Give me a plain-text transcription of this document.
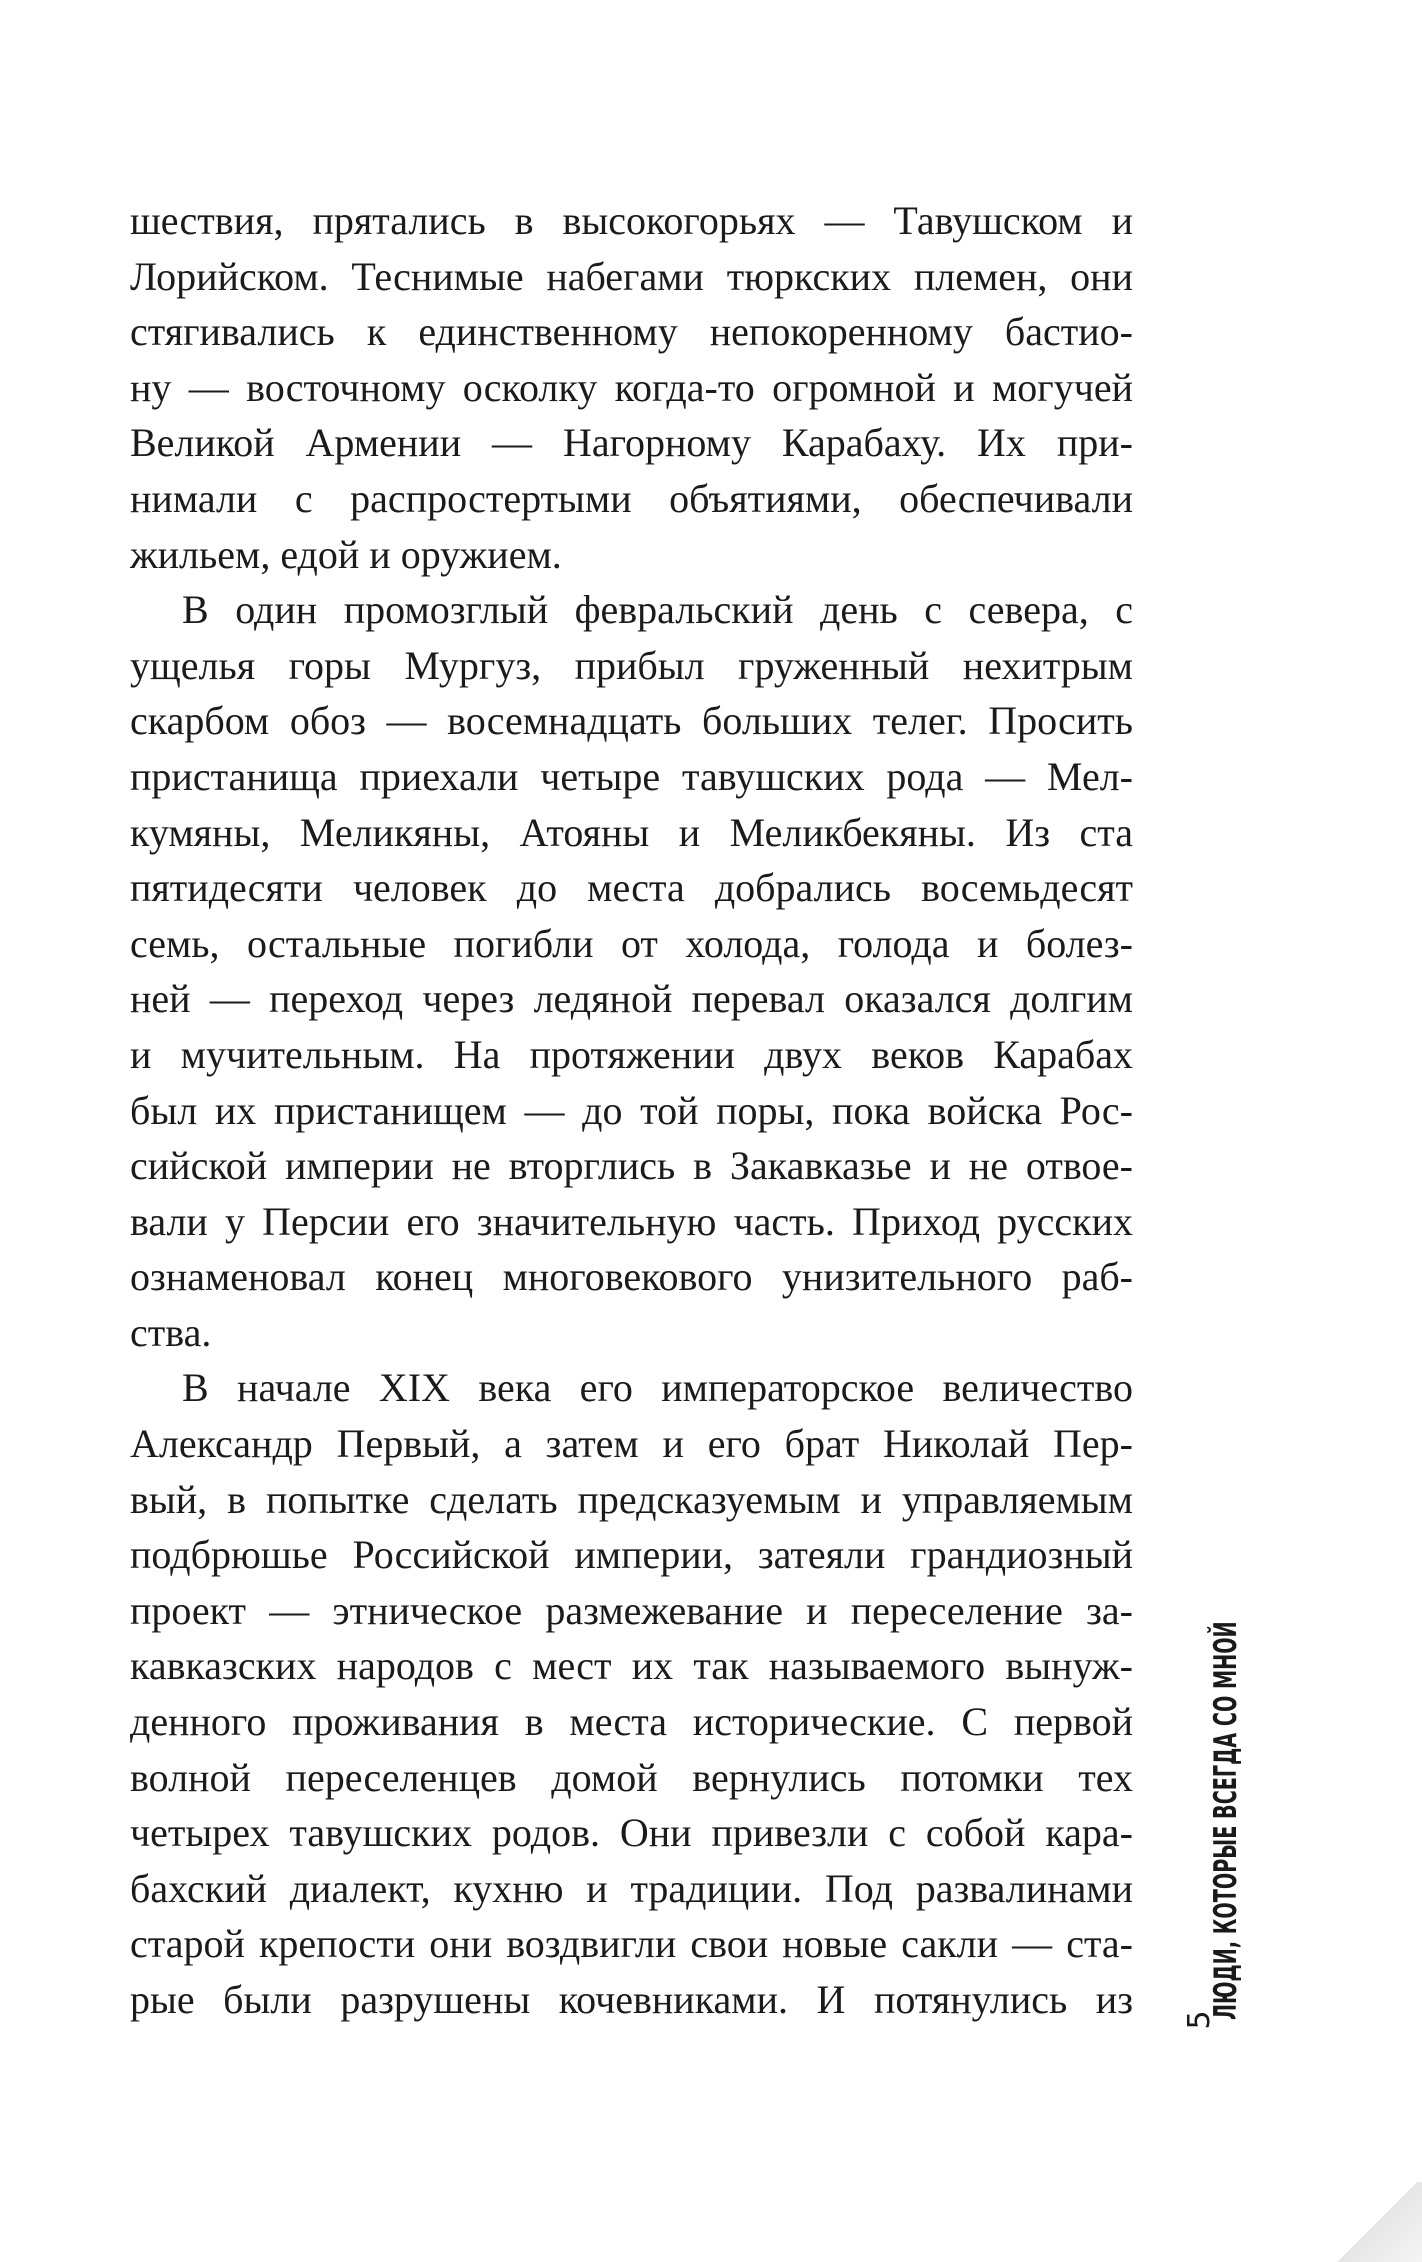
шествия, прятались в высокогорьях — Тавушском и
Лорийском. Теснимые набегами тюркских племен, они
стягивались к единственному непокоренному бастио-
ну — восточному осколку когда-то огромной и могучей
Великой Армении — Нагорному Карабаху. Их при-
нимали с распростертыми объятиями, обеспечивали
жильем, едой и оружием.

В один промозглый февральский день с севера, с
ущелья горы Мургуз, прибыл груженный нехитрым
скарбом обоз — восемнадцать больших телег. Просить
пристанища приехали четыре тавушских рода — Мел-
кумяны, Меликяны, Атояны и Меликбекяны. Из ста
пятидесяти человек до места добрались восемьдесят
семь, остальные погибли от холода, голода и болез-
ней — переход через ледяной перевал оказался долгим
и мучительным. На протяжении двух веков Карабах
был их пристанищем — до той поры, пока войска Рос-
сийской империи не вторглись в Закавказье и не отвое-
вали у Персии его значительную часть. Приход русских
ознаменовал конец многовекового унизительного раб-
ства.

В начале XIX века его императорское величество
Александр Первый, а затем и его брат Николай Пер-
вый, в попытке сделать предсказуемым и управляемым
подбрюшье Российской империи, затеяли грандиозный
проект — этническое размежевание и переселение за-
кавказских народов с мест их так называемого вынуж-
денного проживания в места исторические. С первой
волной переселенцев домой вернулись потомки тех
четырех тавушских родов. Они привезли с собой кара-
бахский диалект, кухню и традиции. Под развалинами
старой крепости они воздвигли свои новые сакли — ста-
рые были разрушены кочевниками. И потянулись из ЛЮДИ, КОТОРЫЕ ВСЕГДА СО МНОЙ
5
